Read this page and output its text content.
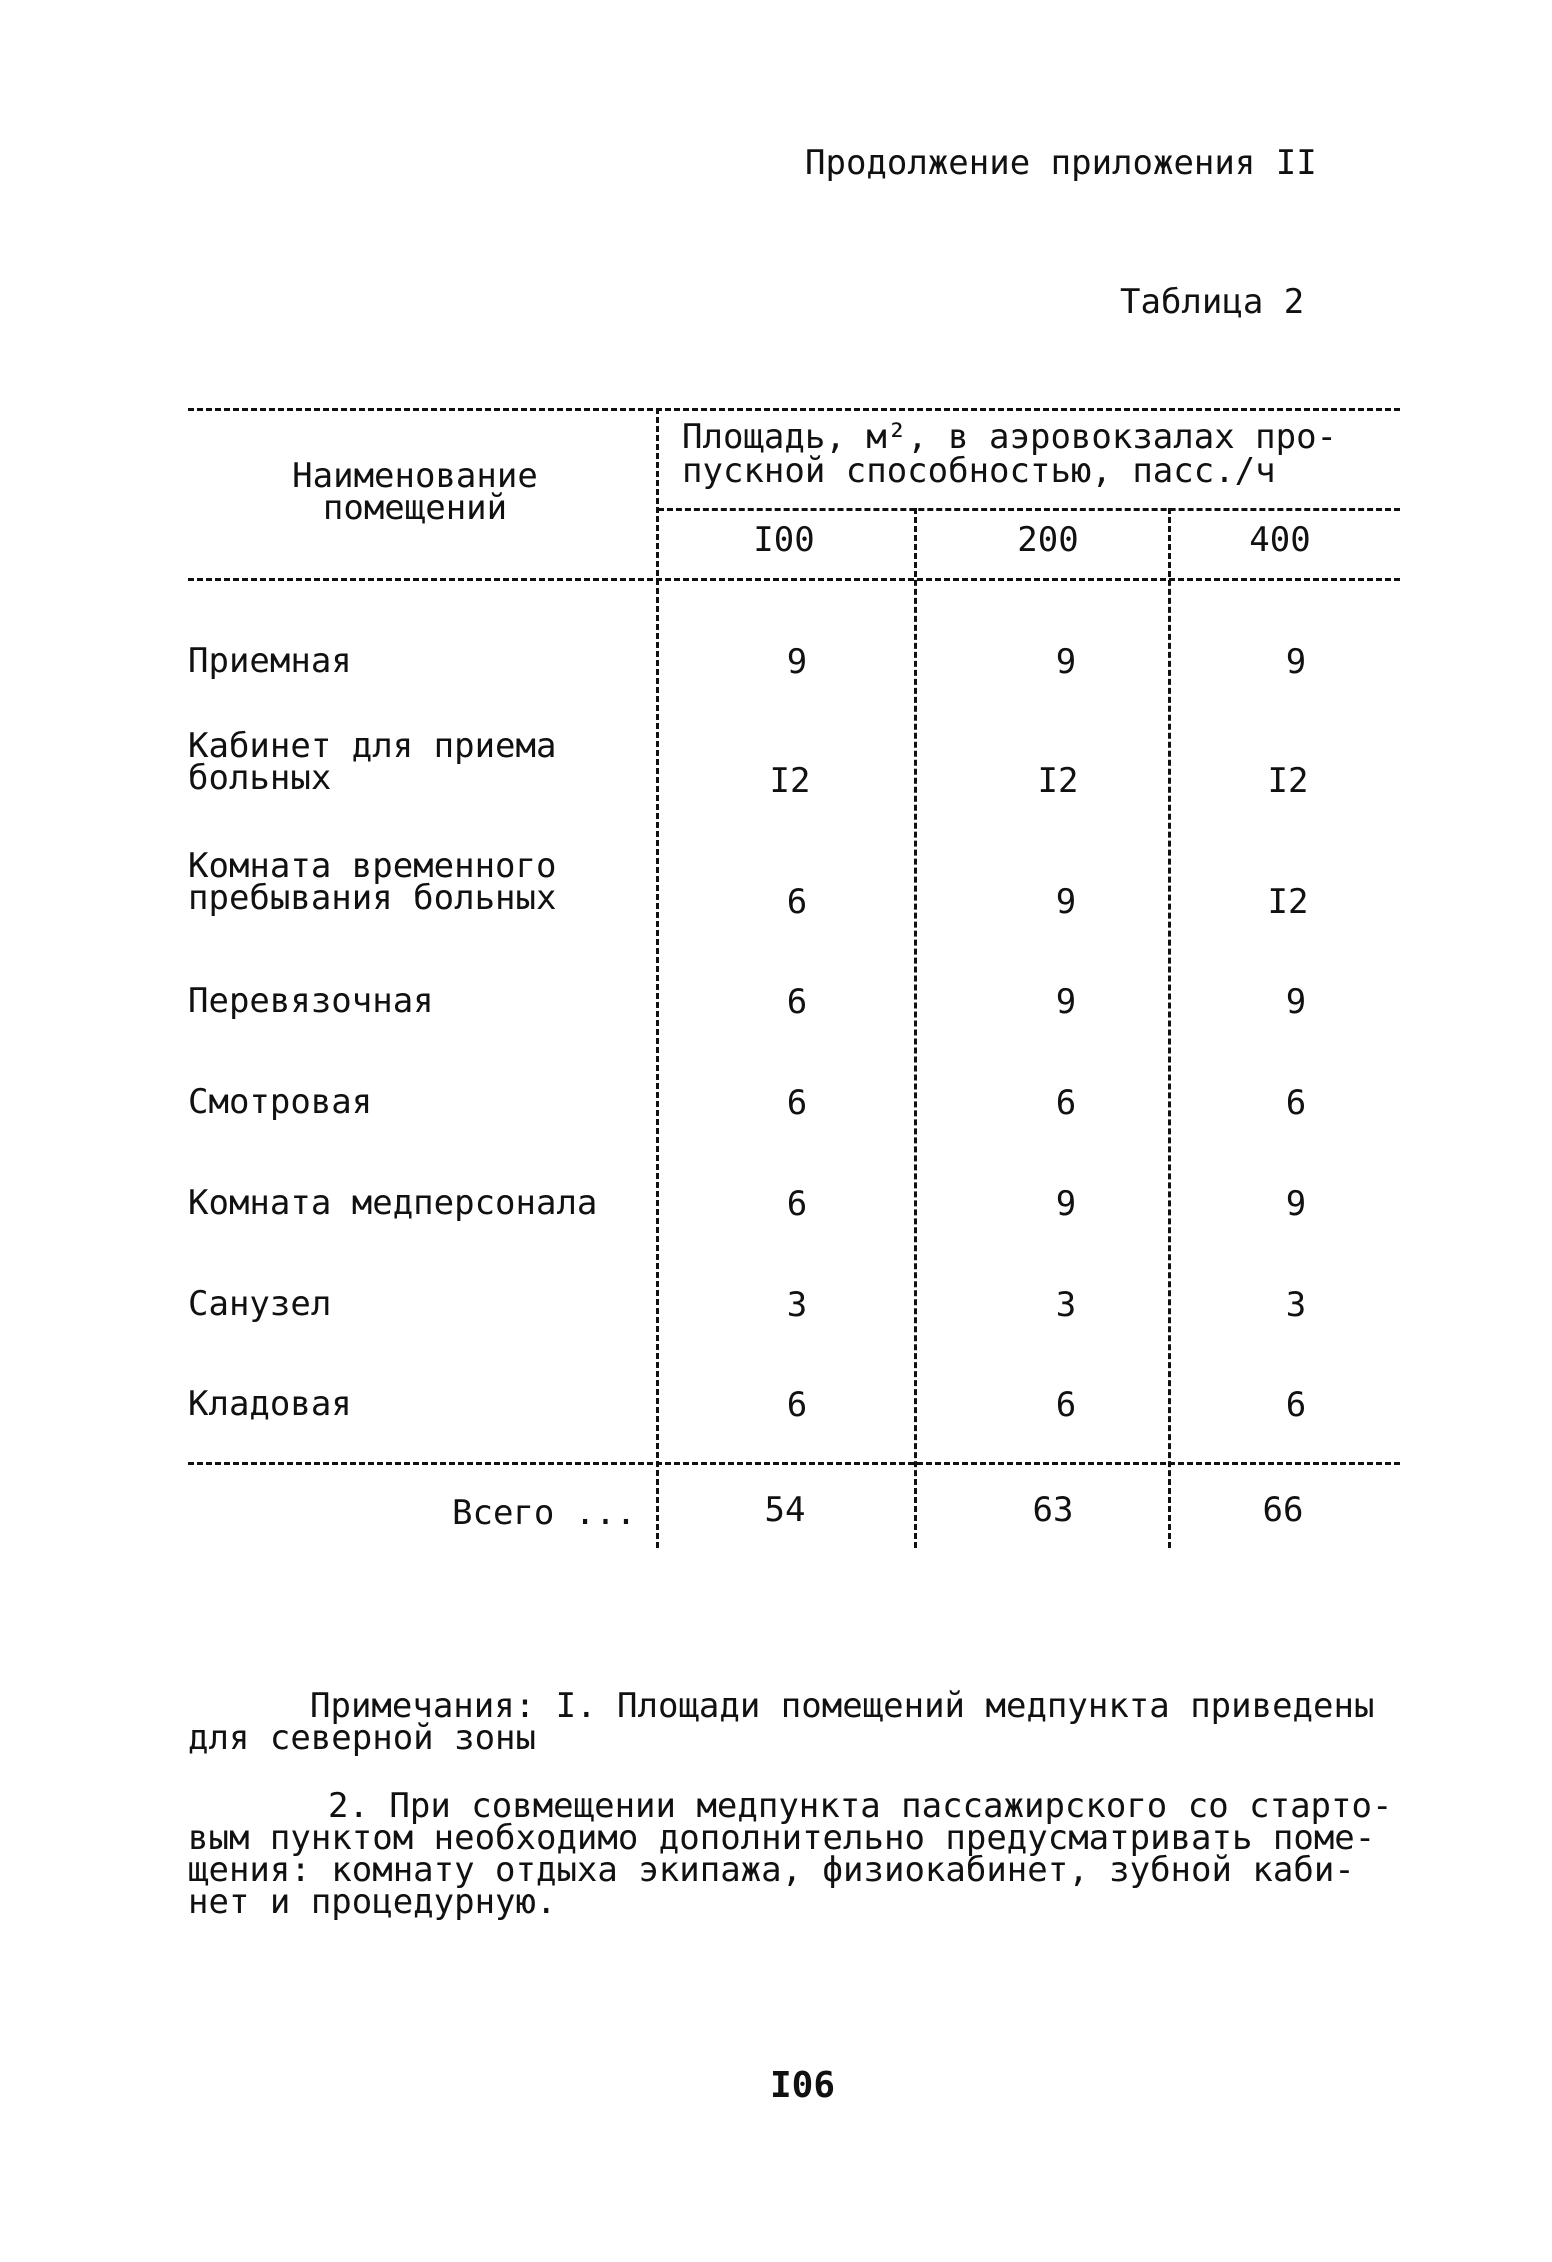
Продолжение приложения II
Таблица 2
Наименование помещений
Площадь, м², в аэровокзалах про-
пускной способностью, пасс./ч
I00	200	400
Приемная	9	9	9
Кабинет для приема
больных	I2	I2	I2
Комната временного
пребывания больных	6	9	I2
Перевязочная	6	9	9
Смотровая	6	6	6
Комната медперсонала	6	9	9
Санузел	3	3	3
Кладовая	6	6	6
Всего ...	54	63	66
Примечания: I. Площади помещений медпункта приведены
для северной зоны
2. При совмещении медпункта пассажирского со старто-
вым пунктом необходимо дополнительно предусматривать поме-
щения: комнату отдыха экипажа, физиокабинет, зубной каби-
нет и процедурную.
I06
